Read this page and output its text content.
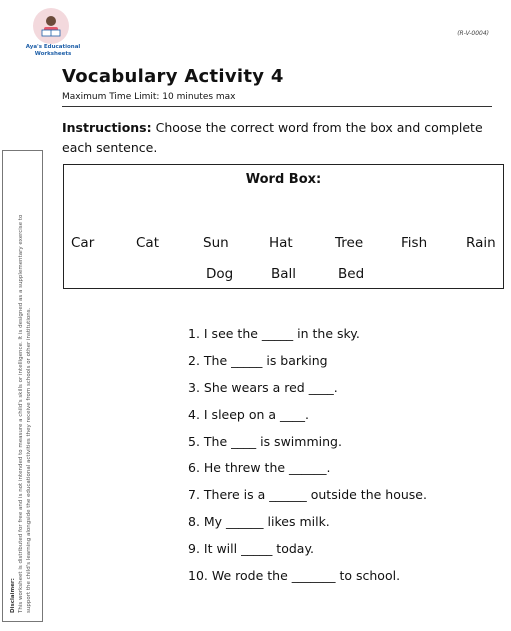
Aya's Educational
Worksheets
(R-V-0004)
Vocabulary Activity 4
Maximum Time Limit: 10 minutes max
Instructions: Choose the correct word from the box and complete each sentence.
Word Box:
Car	Cat	Sun	Hat	Tree	Fish	Rain
Dog	Ball	Bed
1. I see the _____ in the sky.
2. The _____ is barking
3. She wears a red ____.
4. I sleep on a ____.
5. The ____ is swimming.
6. He threw the ______.
7. There is a ______ outside the house.
8. My ______ likes milk.
9. It will _____ today.
10. We rode the _______ to school.
Disclaimer: This worksheet is distributed for free and is not intended to measure a child's skills or intelligence. It is designed as a supplementary exercise to support the child's learning alongside the educational activities they receive from schools or other institutions.
